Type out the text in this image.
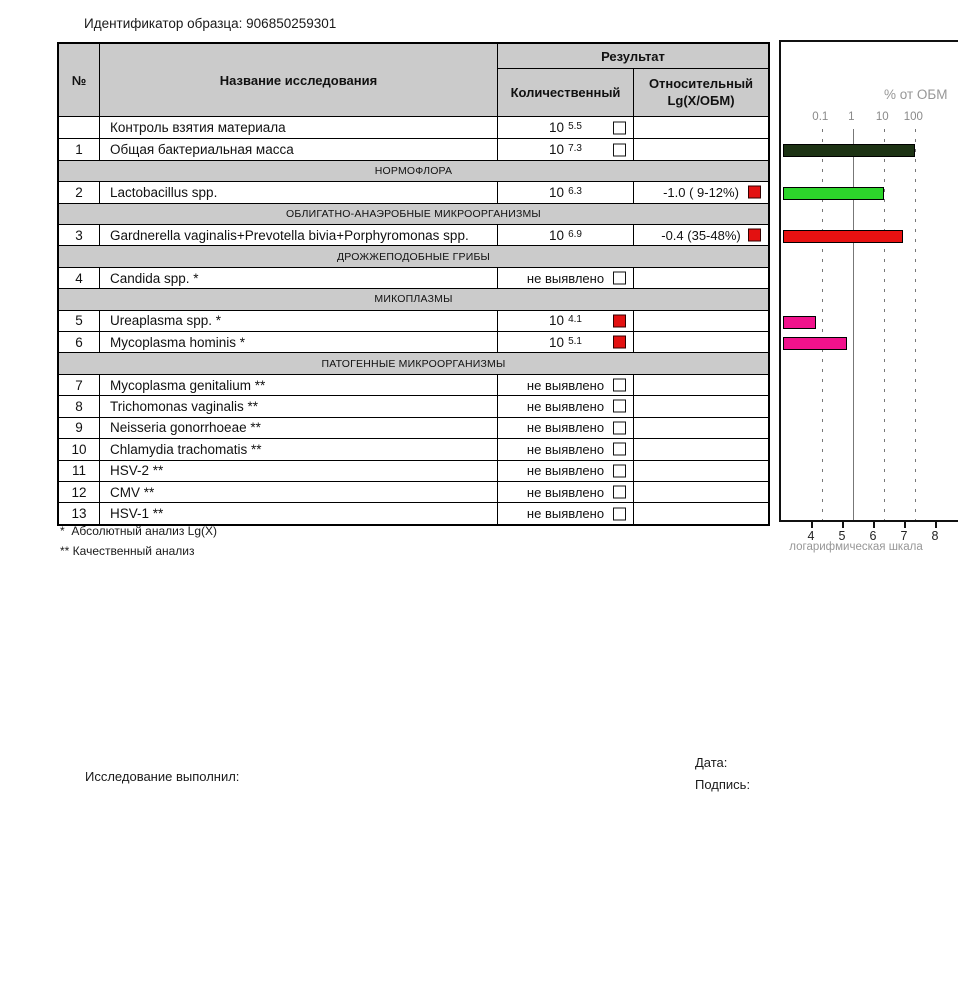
Идентификатор образца: 906850259301
№	Название исследования
Результат
Количественный
Относительный Lg(X/ОБМ)
Контроль взятия материала	10 $^{5.5}$
1	Общая бактериальная масса	10 $^{7.3}$
НОРМОФЛОРА
2	Lactobacillus spp.	10 $^{6.3}$	-1.0 ( 9-12%)
ОБЛИГАТНО-АНАЭРОБНЫЕ МИКРООРГАНИЗМЫ
3	Gardnerella vaginalis+Prevotella bivia+Porphyromonas spp.	10 $^{6.9}$	-0.4 (35-48%)
ДРОЖЖЕПОДОБНЫЕ ГРИБЫ
4	Candida spp. *	не выявлено
МИКОПЛАЗМЫ
5	Ureaplasma spp. *	10 $^{4.1}$
6	Mycoplasma hominis *	10 $^{5.1}$
ПАТОГЕННЫЕ МИКРООРГАНИЗМЫ
7	Mycoplasma genitalium **	не выявлено
8	Trichomonas vaginalis **	не выявлено
9	Neisseria gonorrhoeae **	не выявлено
10	Chlamydia trachomatis **	не выявлено
11	HSV-2 **	не выявлено
12	CMV **	не выявлено
13	HSV-1 **	не выявлено
*  Абсолютный анализ Lg(X)
** Качественный анализ
% от ОБМ
0.1 1 10 100
4 5 6 7 8
логарифмическая шкала
Исследование выполнил:
Дата:
Подпись:
